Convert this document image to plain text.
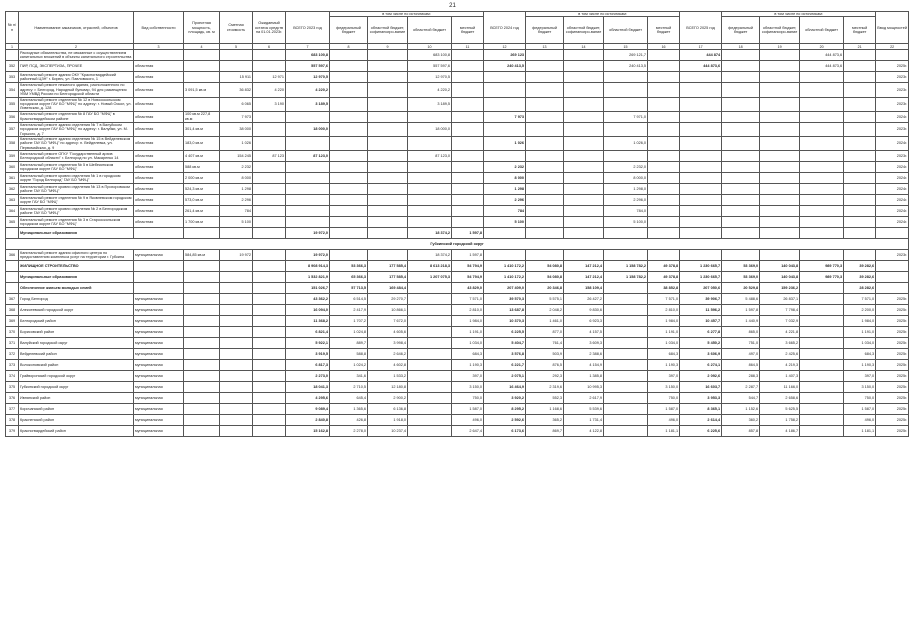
21
№ п/п	Наименование заказчиков, отраслей, объектов	Вид собственности	Проектная мощность, площадь, кв. м	Сметная стоимость	Ожидаемый остаток средств на 01.01.2023г.	ВСЕГО 2023 год	в том числе по источникам:				ВСЕГО 2024 год	в том числе по источникам:				ВСЕГО 2025 год	в том числе по источникам:				Ввод мощностей
							федеральный бюджет	областной бюджет, софинансиро-вание	областной бюджет	местный бюджет		федеральный бюджет	областной бюджет, софинансиро-вание	областной бюджет	местный бюджет		федеральный бюджет	областной бюджет, софинансиро-вание	областной бюджет	местный бюджет	
1	2	3	4	5	6	7	8	9	10	11	12	13	14	15	16	17	18	19	20	21	22
	Расходные обязательства, не связанные с осуществлением капитальных вложений в объекты капитального строительства					683 100,8			683 100,8		269 123			269 121,7		444 874			444 873,6		
352	ПИР, ПСД, ЭКСПЕРТИЗА, ПРОЧЕЕ	областная				557 597,6			557 597,6		240 413,5			240 413,5		444 873,6			444 873,6		2025г.
353	Капитальный ремонт здания ОКУ "Красногвардейский районный ЦЗН" г. Бирюч, ул. Павловского, 1	областная		15 911	12 971	12 970,5			12 970,5												2023г.
354	Капитальный ремонт нежилого здания, расположенного по адресу: г. Белгород, Народный бульвар, 94 для размещения УВМ УМВД России по Белгородской области	областная	3 091,5 кв.м	36 832	4 220	4 220,2			4 220,2												2023г.
355	Капитальный ремонт отделения № 12 в Новооскольском городском округе ГАУ БО "МФЦ" по адресу: г. Новый Оскол, ул. Ливенская, д. 128	областная		6 065	3 190	3 189,5			3 189,5												2023г.
356	Капитальный ремонт отделения № 8 ГАУ БО "МФЦ" в Красногвардейском районе	областная	100 кв.м 227,8 кв.м	7 973							7 973			7 971,0							2024г.
357	Капитальный ремонт здания отделения № 7 в Валуйском городском округе ГАУ БО "МФЦ" по адресу: г. Валуйки, ул. М. Горького, д. 7	областная	301,4 кв.м	38 000		18 000,0			18 000,0												2023г.
358	Капитальный ремонт здания отделения № 15 в Вейделевском районе ГАУ БО "МФЦ" по адресу: п. Вейделевка, ул. Первомайская, д. 9	областная	183,0 кв.м	1 026							1 026			1 026,0							2024г.
359	Капитальный ремонт ОГКУ "Государственный архив Белгородской области" г. Белгород по ул. Макаренко 14	областная	4 407 кв.м	154 245	87 123	87 123,0			87 123,0												2023г.
360	Капитальный ремонт отделения № 5 в Шебекинском городском округе ГАУ БО "МФЦ"	областная	588 кв.м	2 232							2 232			2 232,0							2024г.
361	Капитальный ремонт кровли отделения № 1 в городском округе "Город Белгород" ГАУ БО "МФЦ"	областная	2 000 кв.м	8 000							8 000			8 000,0							2024г.
362	Капитальный ремонт кровли отделения № 13 в Прохоровском районе ГАУ БО "МФЦ"	областная	524,3 кв.м	1 298							1 298			1 298,0							2024г.
363	Капитальный ремонт отделения № 9 в Яковлевском городском округе ГАУ БО "МФЦ"	областная	573,0 кв.м	2 296							2 296			2 296,0							2024г.
364	Капитальный ремонт кровли отделения № 2 в Белгородском районе ГАУ БО "МФЦ"	областная	261,4 кв.м	784							784			784,0							2024г.
365	Капитальный ремонт отделения № 3 в Старооскольском городском округе ГАУ БО "МФЦ"	областная	1 700 кв.м	5 100							5 100			5 100,0							2024г.
	Муниципальные образования					19 972,0			18 374,2	1 597,8											
Губкинский городской округ																					
366	Капитальный ремонт здания офисного центра по предоставлению комплекса услуг на территории г. Губкина	муниципальная	584,85 кв.м	19 972		19 972,0			18 374,2	1 597,8											2023г.
	ЖИЛИЩНОЕ СТРОИТЕЛЬСТВО					8 908 914,3	53 366,3	177 585,4	8 613 218,3	54 794,9	1 410 172,2	54 080,8	147 212,4	1 158 782,2	49 378,8	1 230 665,7	53 369,0	140 043,8	989 770,3	39 282,6	
	Муниципальные образования					1 532 821,9	65 366,3	177 585,4	1 207 075,3	54 794,9	1 410 172,2	54 080,8	147 212,4	1 158 782,2	49 378,8	1 230 665,7	53 369,0	140 043,8	989 770,3	39 282,6	
	Обеспечение жильем молодых семей					151 026,7	57 713,5	169 484,4		43 829,0	207 409,0	20 346,8	158 109,4		38 852,8	207 050,6	20 529,8	159 236,2		28 282,6	
367	Город Белгород	муниципальная				43 362,2	6 514,5	29 270,7		7 571,0	39 570,3	5 575,1	26 427,2		7 571,0	39 906,7	5 488,6	26 837,1		7 571,0	2025г.
368	Алексеевский городской округ	муниципальная				16 094,0	2 417,9	10 866,1		2 810,0	13 687,8	2 048,2	9 830,6		2 810,0	11 596,2	1 597,8	7 798,4		2 200,0	2025г.
369	Белгородский район	муниципальная				11 368,2	1 707,2	7 672,0		1 984,0	10 370,3	1 461,0	6 923,3		1 984,0	10 457,7	1 440,9	7 032,9		1 984,0	2025г.
370	Борисовский район	муниципальная				6 821,4	1 024,8	4 605,6		1 191,0	6 225,5	877,0	4 157,5		1 191,0	6 277,8	865,0	4 221,8		1 191,0	2025г.
371	Валуйский городской округ	муниципальная				5 922,1	889,7	3 998,4		1 034,0	5 404,7	761,4	3 609,3		1 034,0	5 450,2	751,0	3 665,2		1 034,0	2025г.
372	Вейделевский район	муниципальная				3 919,5	588,8	2 646,2		684,3	3 576,8	503,9	2 388,6		684,3	3 606,9	497,0	2 425,6		684,3	2025г.
373	Волоконовский район	муниципальная				6 817,3	1 024,2	4 602,8		1 190,3	6 221,7	876,5	4 154,9		1 190,3	6 274,1	864,5	4 219,3		1 190,3	2025г.
374	Грайворонский городской округ	муниципальная				2 273,0	341,6	1 533,2		397,0	2 075,1	292,3	1 385,8		397,0	2 092,6	288,3	1 407,3		397,0	2025г.
375	Губкинский городской округ	муниципальная				18 041,3	2 710,5	12 180,8		3 150,0	16 464,9	2 319,6	10 995,3		3 150,0	16 603,7	2 287,7	11 166,0		3 150,0	2025г.
376	Ивнянский район	муниципальная				4 295,6	645,4	2 900,2		750,0	3 920,2	552,3	2 617,9		750,0	3 953,3	544,7	2 658,6		750,0	2025г.
377	Корочанский район	муниципальная				9 089,4	1 365,6	6 136,8		1 587,0	8 295,2	1 168,6	5 539,6		1 587,0	8 365,1	1 152,6	5 625,5		1 587,0	2025г.
378	Красненский район	муниципальная				2 840,8	426,8	1 918,0		496,0	2 592,6	365,2	1 731,4		496,0	2 614,4	360,2	1 758,2		496,0	2025г.
379	Красногвардейский район	муниципальная				15 162,8	2 278,0	10 237,4		2 647,4	6 173,6	869,7	4 122,8		1 181,1	6 225,6	857,8	4 186,7		1 181,1	2025г.
